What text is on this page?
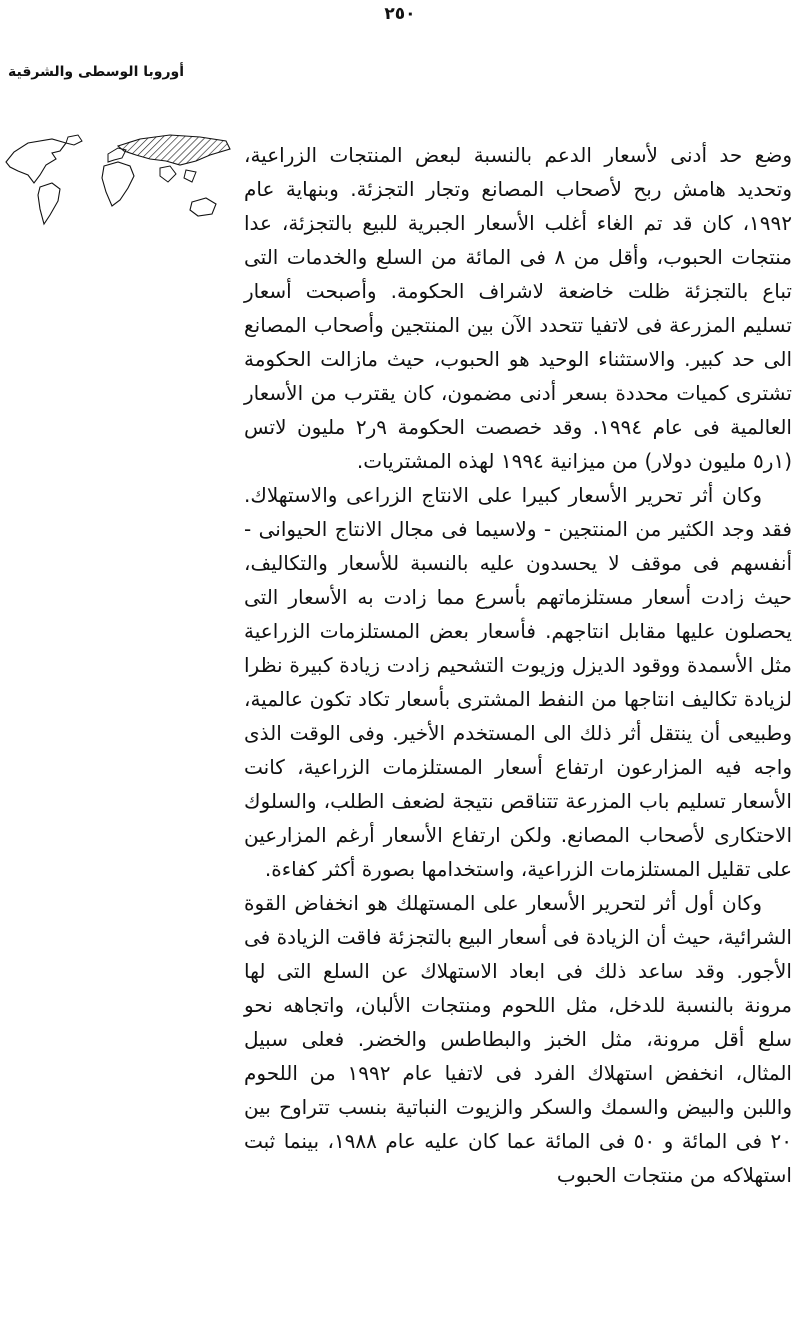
٢٥٠
أوروبا الوسطى والشرقية

وضع حد أدنى لأسعار الدعم بالنسبة لبعض المنتجات الزراعية، وتحديد هامش ربح لأصحاب المصانع وتجار التجزئة. وبنهاية عام ١٩٩٢، كان قد تم الغاء أغلب الأسعار الجبرية للبيع بالتجزئة، عدا منتجات الحبوب، وأقل من ٨ فى المائة من السلع والخدمات التى تباع بالتجزئة ظلت خاضعة لاشراف الحكومة. وأصبحت أسعار تسليم المزرعة فى لاتفيا تتحدد الآن بين المنتجين وأصحاب المصانع الى حد كبير. والاستثناء الوحيد هو الحبوب، حيث مازالت الحكومة تشترى كميات محددة بسعر أدنى مضمون، كان يقترب من الأسعار العالمية فى عام ١٩٩٤. وقد خصصت الحكومة ٩ر٢ مليون لاتس (١ر٥ مليون دولار) من ميزانية ١٩٩٤ لهذه المشتريات.

وكان أثر تحرير الأسعار كبيرا على الانتاج الزراعى والاستهلاك. فقد وجد الكثير من المنتجين - ولاسيما فى مجال الانتاج الحيوانى - أنفسهم فى موقف لا يحسدون عليه بالنسبة للأسعار والتكاليف، حيث زادت أسعار مستلزماتهم بأسرع مما زادت به الأسعار التى يحصلون عليها مقابل انتاجهم. فأسعار بعض المستلزمات الزراعية مثل الأسمدة ووقود الديزل وزيوت التشحيم زادت زيادة كبيرة نظرا لزيادة تكاليف انتاجها من النفط المشترى بأسعار تكاد تكون عالمية، وطبيعى أن ينتقل أثر ذلك الى المستخدم الأخير. وفى الوقت الذى واجه فيه المزارعون ارتفاع أسعار المستلزمات الزراعية، كانت الأسعار تسليم باب المزرعة تتناقص نتيجة لضعف الطلب، والسلوك الاحتكارى لأصحاب المصانع. ولكن ارتفاع الأسعار أرغم المزارعين على تقليل المستلزمات الزراعية، واستخدامها بصورة أكثر كفاءة.

وكان أول أثر لتحرير الأسعار على المستهلك هو انخفاض القوة الشرائية، حيث أن الزيادة فى أسعار البيع بالتجزئة فاقت الزيادة فى الأجور. وقد ساعد ذلك فى ابعاد الاستهلاك عن السلع التى لها مرونة بالنسبة للدخل، مثل اللحوم ومنتجات الألبان، واتجاهه نحو سلع أقل مرونة، مثل الخبز والبطاطس والخضر. فعلى سبيل المثال، انخفض استهلاك الفرد فى لاتفيا عام ١٩٩٢ من اللحوم واللبن والبيض والسمك والسكر والزيوت النباتية بنسب تتراوح بين ٢٠ فى المائة و ٥٠ فى المائة عما كان عليه عام ١٩٨٨، بينما ثبت استهلاكه من منتجات الحبوب
